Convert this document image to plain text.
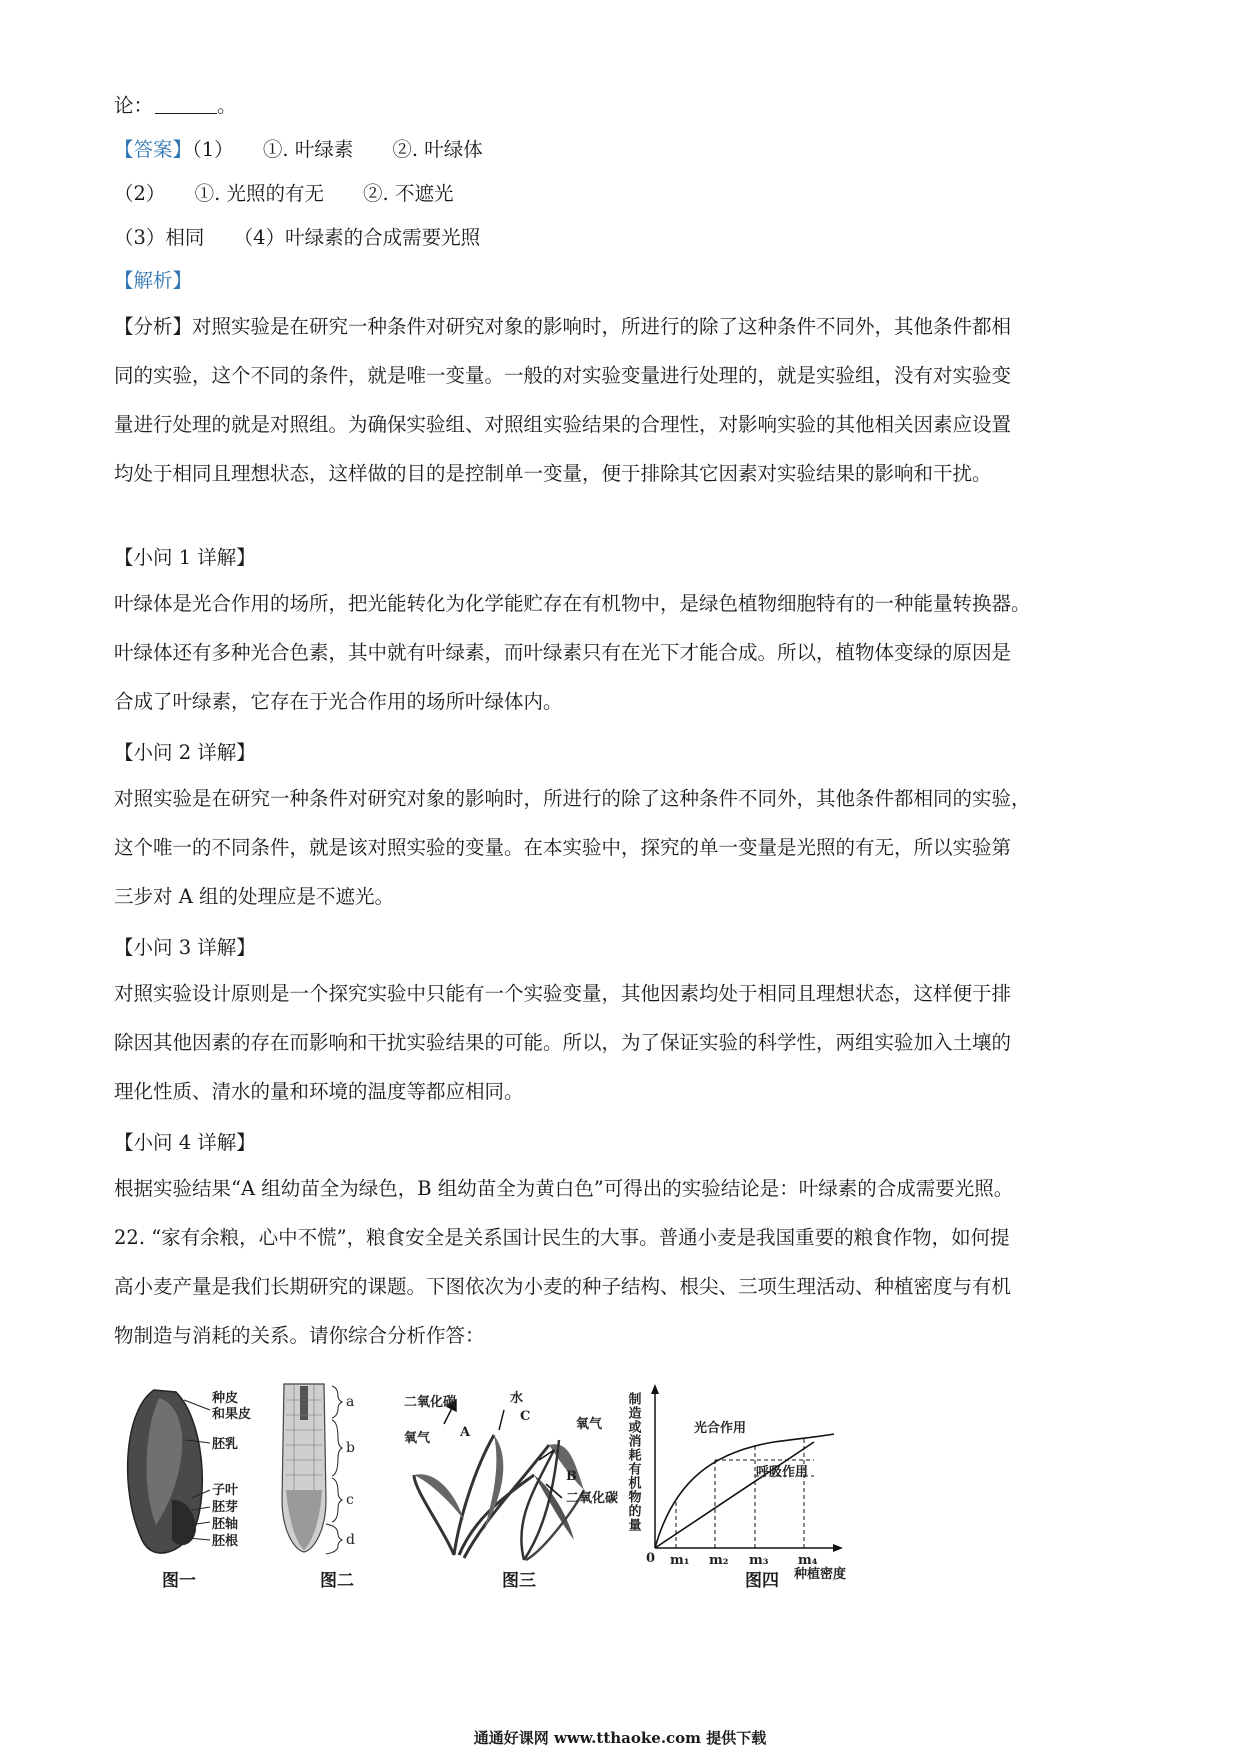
论：	。
【答案】（1）　　①. 叶绿素　　②. 叶绿体
（2）　　①. 光照的有无　　②. 不遮光
（3）相同　　（4）叶绿素的合成需要光照
【解析】
【分析】对照实验是在研究一种条件对研究对象的影响时，所进行的除了这种条件不同外，其他条件都相
同的实验，这个不同的条件，就是唯一变量。一般的对实验变量进行处理的，就是实验组，没有对实验变
量进行处理的就是对照组。为确保实验组、对照组实验结果的合理性，对影响实验的其他相关因素应设置
均处于相同且理想状态，这样做的目的是控制单一变量，便于排除其它因素对实验结果的影响和干扰。
【小问 1 详解】
叶绿体是光合作用的场所，把光能转化为化学能贮存在有机物中，是绿色植物细胞特有的一种能量转换器。
叶绿体还有多种光合色素，其中就有叶绿素，而叶绿素只有在光下才能合成。所以，植物体变绿的原因是
合成了叶绿素，它存在于光合作用的场所叶绿体内。
【小问 2 详解】
对照实验是在研究一种条件对研究对象的影响时，所进行的除了这种条件不同外，其他条件都相同的实验，
这个唯一的不同条件，就是该对照实验的变量。在本实验中，探究的单一变量是光照的有无，所以实验第
三步对 A 组的处理应是不遮光。
【小问 3 详解】
对照实验设计原则是一个探究实验中只能有一个实验变量，其他因素均处于相同且理想状态，这样便于排
除因其他因素的存在而影响和干扰实验结果的可能。所以，为了保证实验的科学性，两组实验加入土壤的
理化性质、清水的量和环境的温度等都应相同。
【小问 4 详解】
根据实验结果“A 组幼苗全为绿色，B 组幼苗全为黄白色”可得出的实验结论是：叶绿素的合成需要光照。
22. “家有余粮，心中不慌”，粮食安全是关系国计民生的大事。普通小麦是我国重要的粮食作物，如何提
高小麦产量是我们长期研究的课题。下图依次为小麦的种子结构、根尖、三项生理活动、种植密度与有机
物制造与消耗的关系。请你综合分析作答：
种皮
和果皮
胚乳
子叶
胚芽
胚轴
胚根
a
b
c
d
二氧化碳	水
C
A
氧气
氧气
B
二氧化碳
光合作用
呼吸作用
0 m₁ m₂ m₃ m₄
种植密度
制造或消耗有机物的量
图一	图二	图三	图四
通通好课网 www.tthaoke.com 提供下载
